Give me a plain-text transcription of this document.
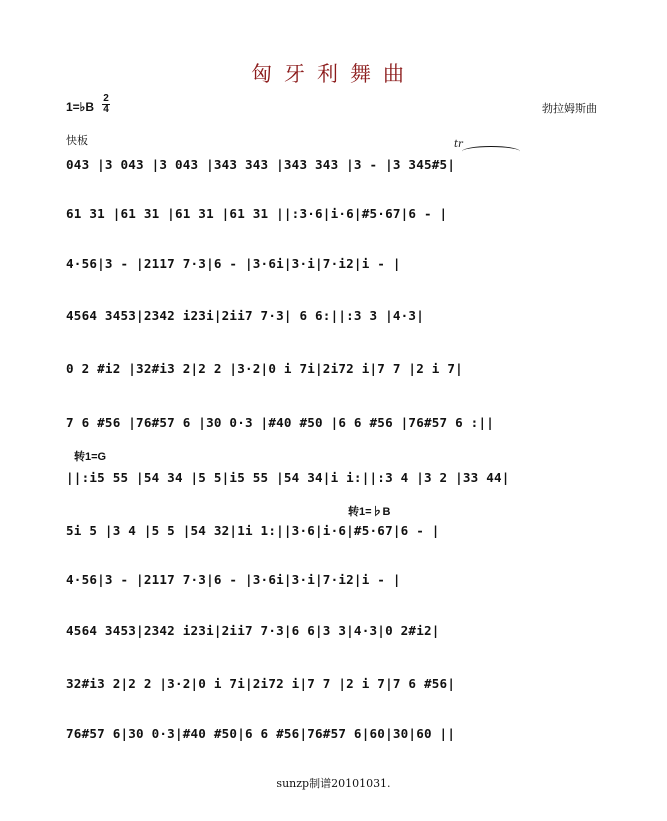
匈牙利舞曲
1=♭B
2
4	勃拉姆斯曲
快板	tr
043 |3 043 |3 043 |343 343 |343 343 |3 - |3 345#5|
61 31 |61 31 |61 31 |61 31 ||:3·6|i·6|#5·67|6 - |
4·56|3 - |2117 7·3|6 - |3·6i|3·i|7·i2|i - |
4564 3453|2342 i23i|2ii7 7·3| 6 6:||:3 3 |4·3|
0 2 #i2 |32#i3 2|2 2 |3·2|0 i 7i|2i72 i|7 7 |2 i 7|
7 6 #56 |76#57 6 |30 0·3 |#40 #50 |6 6 #56 |76#57 6 :||
转1=G
||:i5 55 |54 34 |5 5|i5 55 |54 34|i i:||:3 4 |3 2 |33 44|
转1=♭B
5i 5 |3 4 |5 5 |54 32|1i 1:||3·6|i·6|#5·67|6 - |
4·56|3 - |2117 7·3|6 - |3·6i|3·i|7·i2|i - |
4564 3453|2342 i23i|2ii7 7·3|6 6|3 3|4·3|0 2#i2|
32#i3 2|2 2 |3·2|0 i 7i|2i72 i|7 7 |2 i 7|7 6 #56|
76#57 6|30 0·3|#40 #50|6 6 #56|76#57 6|60|30|60 ||
sunzp制谱20101031.
